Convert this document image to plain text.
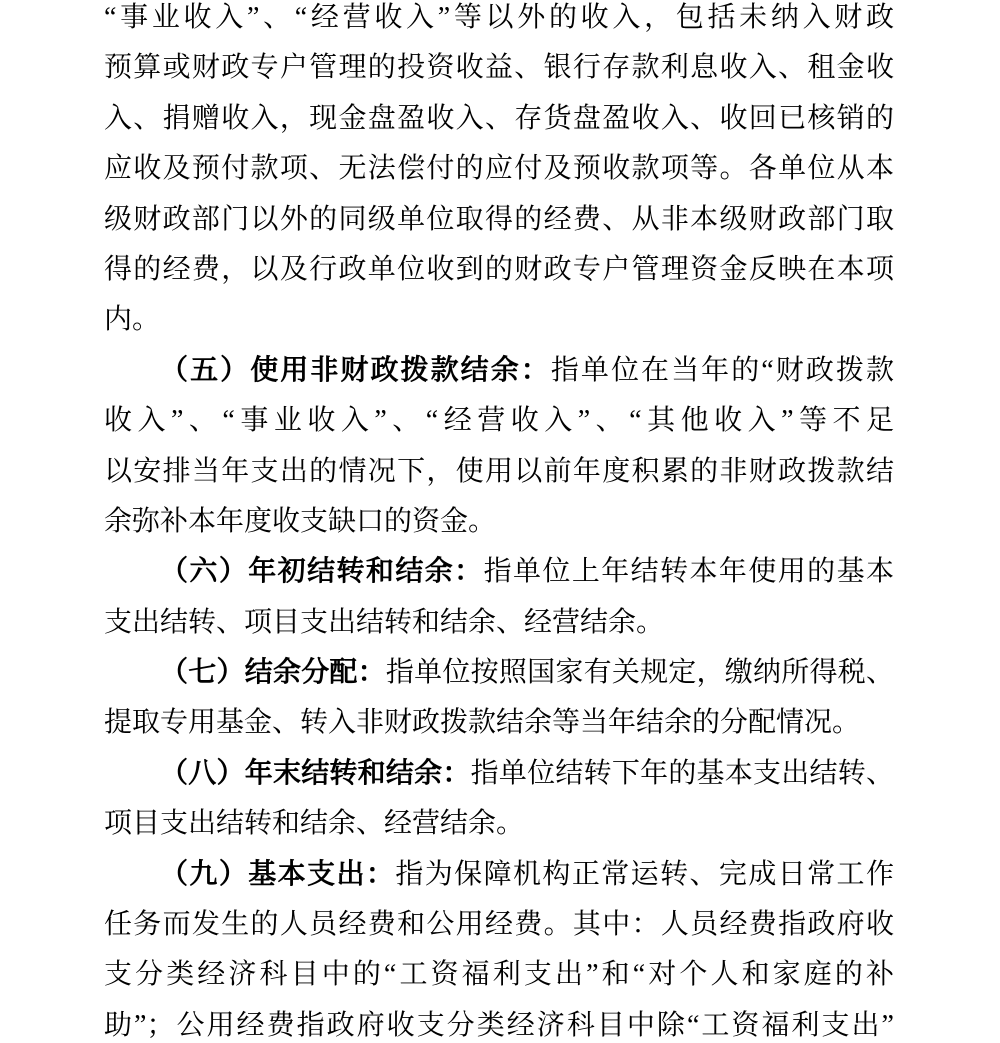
“事业收入”、“经营收入”等以外的收入，包括未纳入财政
预算或财政专户管理的投资收益、银行存款利息收入、租金收
入、捐赠收入，现金盘盈收入、存货盘盈收入、收回已核销的
应收及预付款项、无法偿付的应付及预收款项等。各单位从本
级财政部门以外的同级单位取得的经费、从非本级财政部门取
得的经费，以及行政单位收到的财政专户管理资金反映在本项
内。
（五）使用非财政拨款结余：指单位在当年的“财政拨款
收入”、“事业收入”、“经营收入”、“其他收入”等不足
以安排当年支出的情况下，使用以前年度积累的非财政拨款结
余弥补本年度收支缺口的资金。
（六）年初结转和结余：指单位上年结转本年使用的基本
支出结转、项目支出结转和结余、经营结余。
（七）结余分配：指单位按照国家有关规定，缴纳所得税、
提取专用基金、转入非财政拨款结余等当年结余的分配情况。
（八）年末结转和结余：指单位结转下年的基本支出结转、
项目支出结转和结余、经营结余。
（九）基本支出：指为保障机构正常运转、完成日常工作
任务而发生的人员经费和公用经费。其中：人员经费指政府收
支分类经济科目中的“工资福利支出”和“对个人和家庭的补
助”；公用经费指政府收支分类经济科目中除“工资福利支出”
